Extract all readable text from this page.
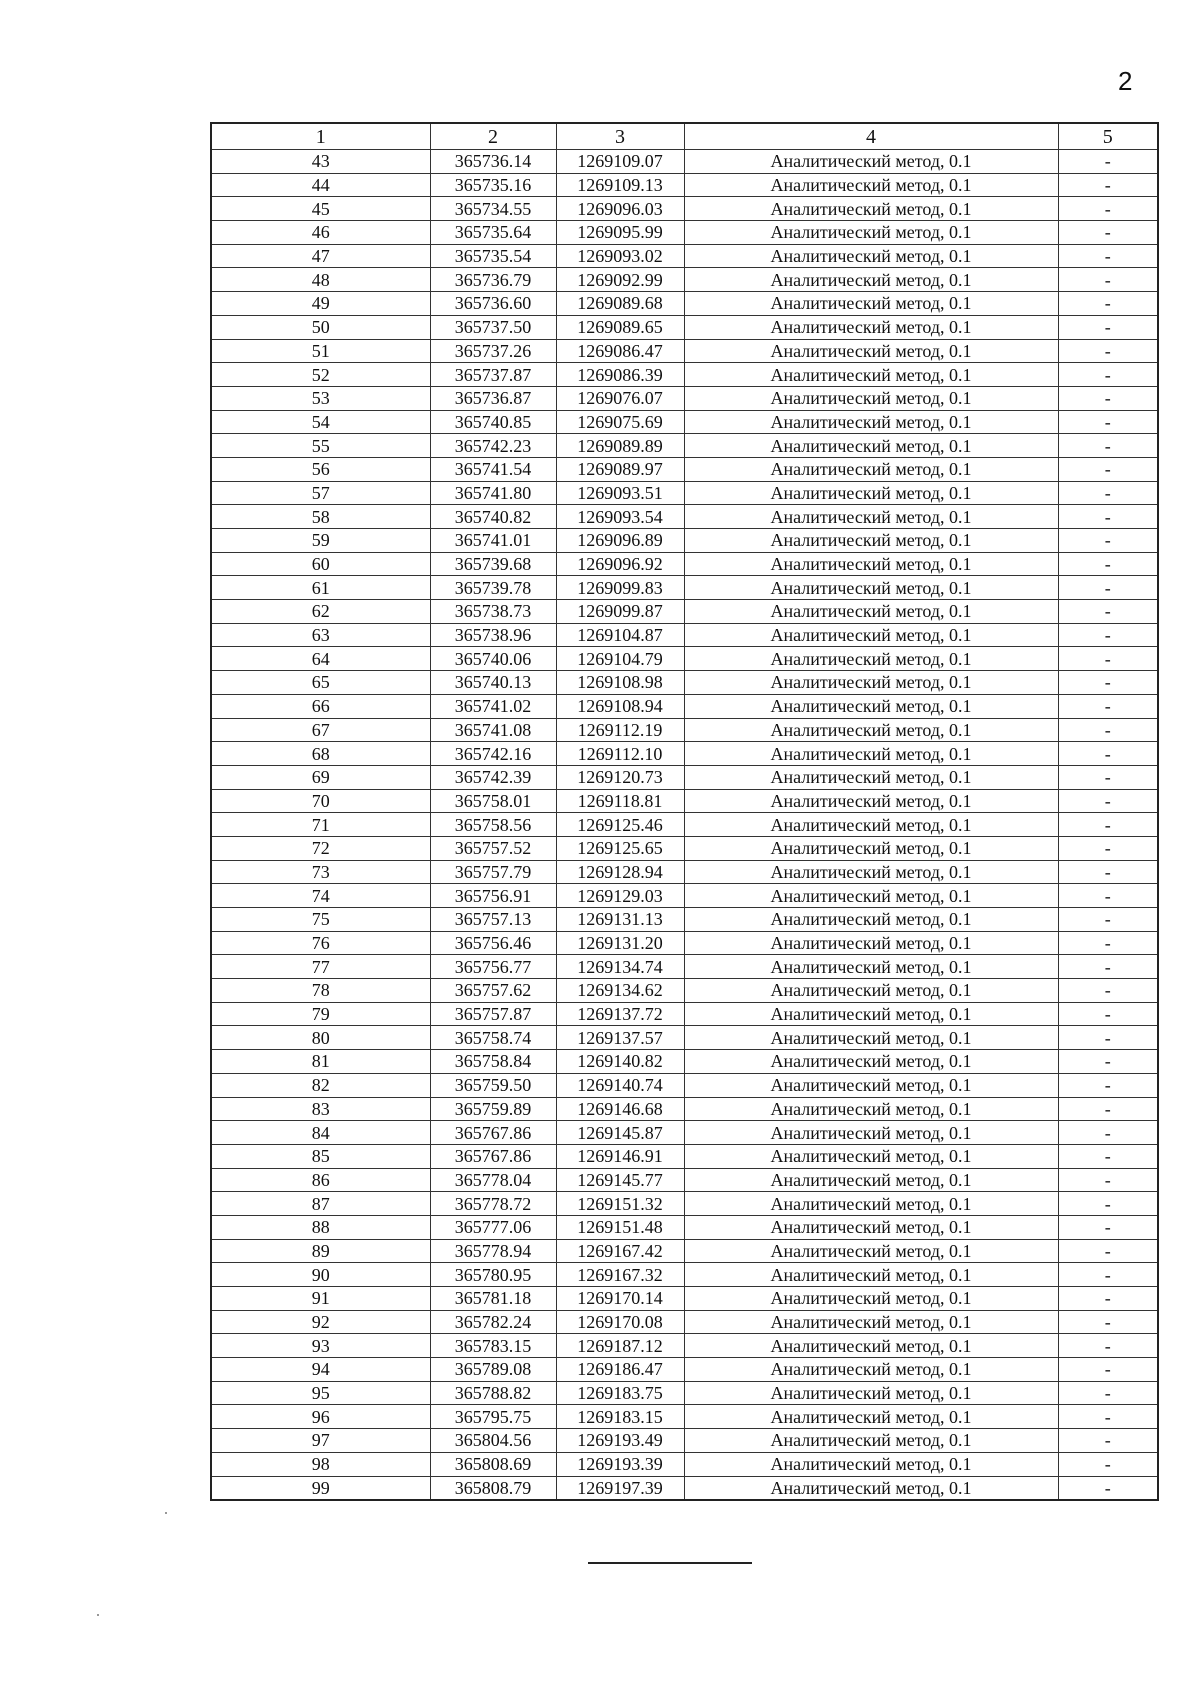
2
1	2	3	4	5
43	365736.14	1269109.07	Аналитический метод, 0.1	-
44	365735.16	1269109.13	Аналитический метод, 0.1	-
45	365734.55	1269096.03	Аналитический метод, 0.1	-
46	365735.64	1269095.99	Аналитический метод, 0.1	-
47	365735.54	1269093.02	Аналитический метод, 0.1	-
48	365736.79	1269092.99	Аналитический метод, 0.1	-
49	365736.60	1269089.68	Аналитический метод, 0.1	-
50	365737.50	1269089.65	Аналитический метод, 0.1	-
51	365737.26	1269086.47	Аналитический метод, 0.1	-
52	365737.87	1269086.39	Аналитический метод, 0.1	-
53	365736.87	1269076.07	Аналитический метод, 0.1	-
54	365740.85	1269075.69	Аналитический метод, 0.1	-
55	365742.23	1269089.89	Аналитический метод, 0.1	-
56	365741.54	1269089.97	Аналитический метод, 0.1	-
57	365741.80	1269093.51	Аналитический метод, 0.1	-
58	365740.82	1269093.54	Аналитический метод, 0.1	-
59	365741.01	1269096.89	Аналитический метод, 0.1	-
60	365739.68	1269096.92	Аналитический метод, 0.1	-
61	365739.78	1269099.83	Аналитический метод, 0.1	-
62	365738.73	1269099.87	Аналитический метод, 0.1	-
63	365738.96	1269104.87	Аналитический метод, 0.1	-
64	365740.06	1269104.79	Аналитический метод, 0.1	-
65	365740.13	1269108.98	Аналитический метод, 0.1	-
66	365741.02	1269108.94	Аналитический метод, 0.1	-
67	365741.08	1269112.19	Аналитический метод, 0.1	-
68	365742.16	1269112.10	Аналитический метод, 0.1	-
69	365742.39	1269120.73	Аналитический метод, 0.1	-
70	365758.01	1269118.81	Аналитический метод, 0.1	-
71	365758.56	1269125.46	Аналитический метод, 0.1	-
72	365757.52	1269125.65	Аналитический метод, 0.1	-
73	365757.79	1269128.94	Аналитический метод, 0.1	-
74	365756.91	1269129.03	Аналитический метод, 0.1	-
75	365757.13	1269131.13	Аналитический метод, 0.1	-
76	365756.46	1269131.20	Аналитический метод, 0.1	-
77	365756.77	1269134.74	Аналитический метод, 0.1	-
78	365757.62	1269134.62	Аналитический метод, 0.1	-
79	365757.87	1269137.72	Аналитический метод, 0.1	-
80	365758.74	1269137.57	Аналитический метод, 0.1	-
81	365758.84	1269140.82	Аналитический метод, 0.1	-
82	365759.50	1269140.74	Аналитический метод, 0.1	-
83	365759.89	1269146.68	Аналитический метод, 0.1	-
84	365767.86	1269145.87	Аналитический метод, 0.1	-
85	365767.86	1269146.91	Аналитический метод, 0.1	-
86	365778.04	1269145.77	Аналитический метод, 0.1	-
87	365778.72	1269151.32	Аналитический метод, 0.1	-
88	365777.06	1269151.48	Аналитический метод, 0.1	-
89	365778.94	1269167.42	Аналитический метод, 0.1	-
90	365780.95	1269167.32	Аналитический метод, 0.1	-
91	365781.18	1269170.14	Аналитический метод, 0.1	-
92	365782.24	1269170.08	Аналитический метод, 0.1	-
93	365783.15	1269187.12	Аналитический метод, 0.1	-
94	365789.08	1269186.47	Аналитический метод, 0.1	-
95	365788.82	1269183.75	Аналитический метод, 0.1	-
96	365795.75	1269183.15	Аналитический метод, 0.1	-
97	365804.56	1269193.49	Аналитический метод, 0.1	-
98	365808.69	1269193.39	Аналитический метод, 0.1	-
99	365808.79	1269197.39	Аналитический метод, 0.1	-
